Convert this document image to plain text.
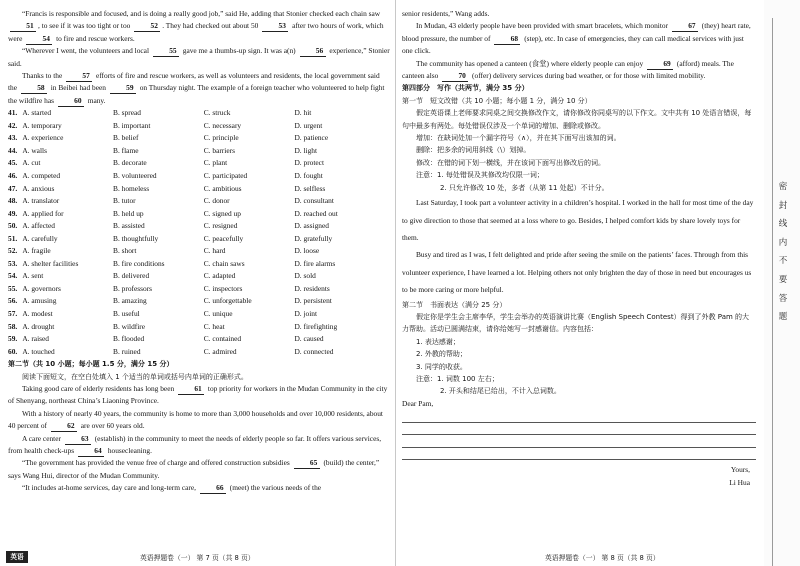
“Francis is responsible and focused, and is doing a really good job,” said He, adding that Stonier checked each chain saw 51 , to see if it was too tight or too	52 . They had checked out about 50	53 after two hours of work, which were	54 to fire and rescue workers.

“Wherever I went, the volunteers and local	55 gave me a thumbs-up sign. It was a(n)	56 experience,” Stonier said.

Thanks to the	57 efforts of fire and rescue workers, as well as volunteers and residents, the local government said the	58 in Beibei had been	59 on Thursday night. The example of a foreign teacher who volunteered to help fight the wildfire has	60 many.

41.	A. started	B. spread	C. struck	D. hit
42.	A. temporary	B. important	C. necessary	D. urgent
43.	A. experience	B. belief	C. principle	D. patience
44.	A. walls	B. flame	C. barriers	D. light
45.	A. cut	B. decorate	C. plant	D. protect
46.	A. competed	B. volunteered	C. participated	D. fought
47.	A. anxious	B. homeless	C. ambitious	D. selfless
48.	A. translator	B. tutor	C. donor	D. consultant
49.	A. applied for	B. held up	C. signed up	D. reached out
50.	A. affected	B. assisted	C. resigned	D. assigned
51.	A. carefully	B. thoughtfully	C. peacefully	D. gratefully
52.	A. fragile	B. short	C. hard	D. loose
53.	A. shelter facilities	B. fire conditions	C. chain saws	D. fire alarms
54.	A. sent	B. delivered	C. adapted	D. sold
55.	A. governors	B. professors	C. inspectors	D. residents
56.	A. amusing	B. amazing	C. unforgettable	D. persistent
57.	A. modest	B. useful	C. unique	D. joint
58.	A. drought	B. wildfire	C. heat	D. firefighting
59.	A. raised	B. flooded	C. contained	D. caused
60.	A. touched	B. ruined	C. admired	D. connected

第二节（共 10 小题；每小题 1.5 分，满分 15 分）

阅读下面短文，在空白处填入 1 个适当的单词或括号内单词的正确形式。

Taking good care of elderly residents has long been	61 top priority for workers in the Mudan Community in the city of Shenyang, northeast China’s Liaoning Province.

With a history of nearly 40 years, the community is home to more than 3,000 households and over 10,000 residents, about 40 percent of	62 are over 60 years old.

A care center	63 (establish) in the community to meet the needs of elderly people so far. It offers various services, from health check-ups	64 housecleaning.

“The government has provided the venue free of charge and offered construction subsidies	65 (build) the center,” says Wang Hui, director of the Mudan Community.

“It includes at-home services, day care and long-term care,	66 (meet) the various needs of the

英语	英语押题卷（一） 第 7 页（共 8 页）

senior residents,” Wang adds.

In Mudan, 43 elderly people have been provided with smart bracelets, which monitor	67 (they) heart rate, blood pressure, the number of	68 (step), etc. In case of emergencies, they can call medical services with just one click.

The community has opened a canteen (食堂) where elderly people can enjoy	69 (afford) meals. The canteen also	70 (offer) delivery services during bad weather, or for those with limited mobility.

第四部分　写作（共两节，满分 35 分）

第一节　短文改错（共 10 小题；每小题 1 分，满分 10 分）

假定英语课上老师要求同桌之间交换修改作文，请你修改你同桌写的以下作文。文中共有 10 处语言错误，每句中最多有两处。每处错误仅涉及一个单词的增加、删除或修改。

增加：在缺词处加一个漏字符号（∧），并在其下面写出该加的词。

删除：把多余的词用斜线（\）划掉。

修改：在错的词下划一横线，并在该词下面写出修改后的词。

注意：1. 每处错误及其修改均仅限一词；

2. 只允许修改 10 处，多者（从第 11 处起）不计分。

Last Saturday, I took part a volunteer activity in a children’s hospital. I worked in the hall for most time of the day to give direction to those that seemed at a loss where to go. Besides, I helped comfort kids by share lovely toys for them.

Busy and tired as I was, I felt delighted and pride after seeing the smile on the patients’ faces. Through from this volunteer experience, I have learned a lot. Helping others not only brighten the day of those in need but encourages us to be more caring or more helpful.

第二节　书面表达（满分 25 分）

假定你是学生会主席李华，学生会举办的英语演讲比赛（English Speech Contest）得到了外教 Pam 的大力帮助。活动已圆满结束，请你给她写一封感谢信。内容包括：

1. 表达感谢；

2. 外教的帮助；

3. 同学的收获。

注意：1. 词数 100 左右；

2. 开头和结尾已给出，不计入总词数。

Dear Pam,

Yours,

Li Hua

英语押题卷（一） 第 8 页（共 8 页）
密
封
线
内
不
要
答
题
